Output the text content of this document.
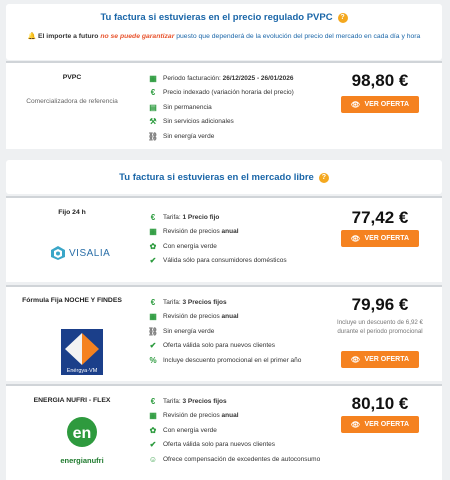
Tu factura si estuvieras en el precio regulado PVPC	?
🔔 El importe a futuro no se puede garantizar puesto que dependerá de la evolución del precio del mercado en cada día y hora
PVPC
Comercializadora de referencia
▦ Periodo facturación: 26/12/2025 - 26/01/2026
€	Precio indexado (variación horaria del precio)
▤ Sin permanencia
⚒ Sin servicios adicionales
⛓ Sin energía verde
98,80 €
👁 VER OFERTA
Tu factura si estuvieras en el mercado libre	?
Fijo 24 h
VISALIA
€	Tarifa: 1 Precio fijo
▦ Revisión de precios anual
✿ Con energía verde
✔ Válida sólo para consumidores domésticos
77,42 €
👁 VER OFERTA
Fórmula Fija NOCHE Y FINDES
Enérgya·VM
€	Tarifa: 3 Precios fijos
▦ Revisión de precios anual
⛓ Sin energía verde
✔ Oferta válida solo para nuevos clientes
% Incluye descuento promocional en el primer año
79,96 €
Incluye un descuento de 6,92 € durante el periodo promocional
👁 VER OFERTA
ENERGIA NUFRI - FLEX
en
energianufri
€	Tarifa: 3 Precios fijos
▦ Revisión de precios anual
✿ Con energía verde
✔ Oferta válida solo para nuevos clientes
☺ Ofrece compensación de excedentes de autoconsumo
80,10 €
👁 VER OFERTA
